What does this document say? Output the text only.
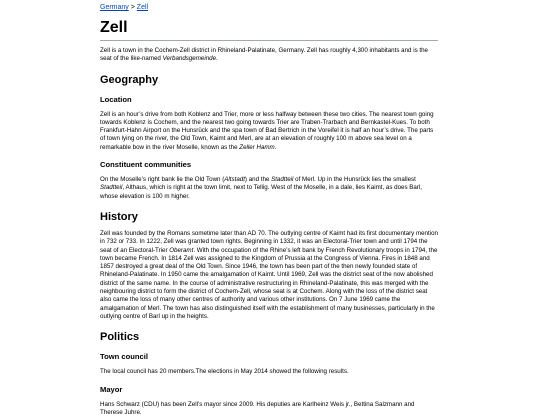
Germany > Zell
Zell

Zell is a town in the Cochem-Zell district in Rhineland-Palatinate, Germany. Zell has roughly 4,300 inhabitants and is the seat of the like-named Verbandsgemeinde.

Geography
Location

Zell is an hour’s drive from both Koblenz and Trier, more or less halfway between these two cities. The nearest town going towards Koblenz is Cochem, and the nearest two going towards Trier are Traben-Trarbach and Bernkastel-Kues. To both Frankfurt-Hahn Airport on the Hunsrück and the spa town of Bad Bertrich in the Voreifel it is half an hour’s drive. The parts of town lying on the river, the Old Town, Kaimt and Merl, are at an elevation of roughly 100 m above sea level on a remarkable bow in the river Moselle, known as the Zeller Hamm.

Constituent communities

On the Moselle’s right bank lie the Old Town (Altstadt) and the Stadtteil of Merl. Up in the Hunsrück lies the smallest Stadtteil, Althaus, which is right at the town limit, next to Tellig. West of the Moselle, in a dale, lies Kaimt, as does Barl, whose elevation is 100 m higher.

History

Zell was founded by the Romans sometime later than AD 70. The outlying centre of Kaimt had its first documentary mention in 732 or 733. In 1222, Zell was granted town rights. Beginning in 1332, it was an Electoral-Trier town and until 1794 the seat of an Electoral-Trier Oberamt. With the occupation of the Rhine’s left bank by French Revolutionary troops in 1794, the town became French. In 1814 Zell was assigned to the Kingdom of Prussia at the Congress of Vienna. Fires in 1848 and 1857 destroyed a great deal of the Old Town. Since 1946, the town has been part of the then newly founded state of Rhineland-Palatinate. In 1950 came the amalgamation of Kaimt. Until 1969, Zell was the district seat of the now abolished district of the same name. In the course of administrative restructuring in Rhineland-Palatinate, this was merged with the neighbouring district to form the district of Cochem-Zell, whose seat is at Cochem. Along with the loss of the district seat also came the loss of many other centres of authority and various other institutions. On 7 June 1969 came the amalgamation of Merl. The town has also distinguished itself with the establishment of many businesses, particularly in the outlying centre of Barl up in the heights.

Politics
Town council

The local council has 20 members.The elections in May 2014 showed the following results.

Mayor

Hans Schwarz (CDU) has been Zell’s mayor since 2009. His deputies are Karlheinz Weis jr., Bettina Salzmann and Therese Juhre.
